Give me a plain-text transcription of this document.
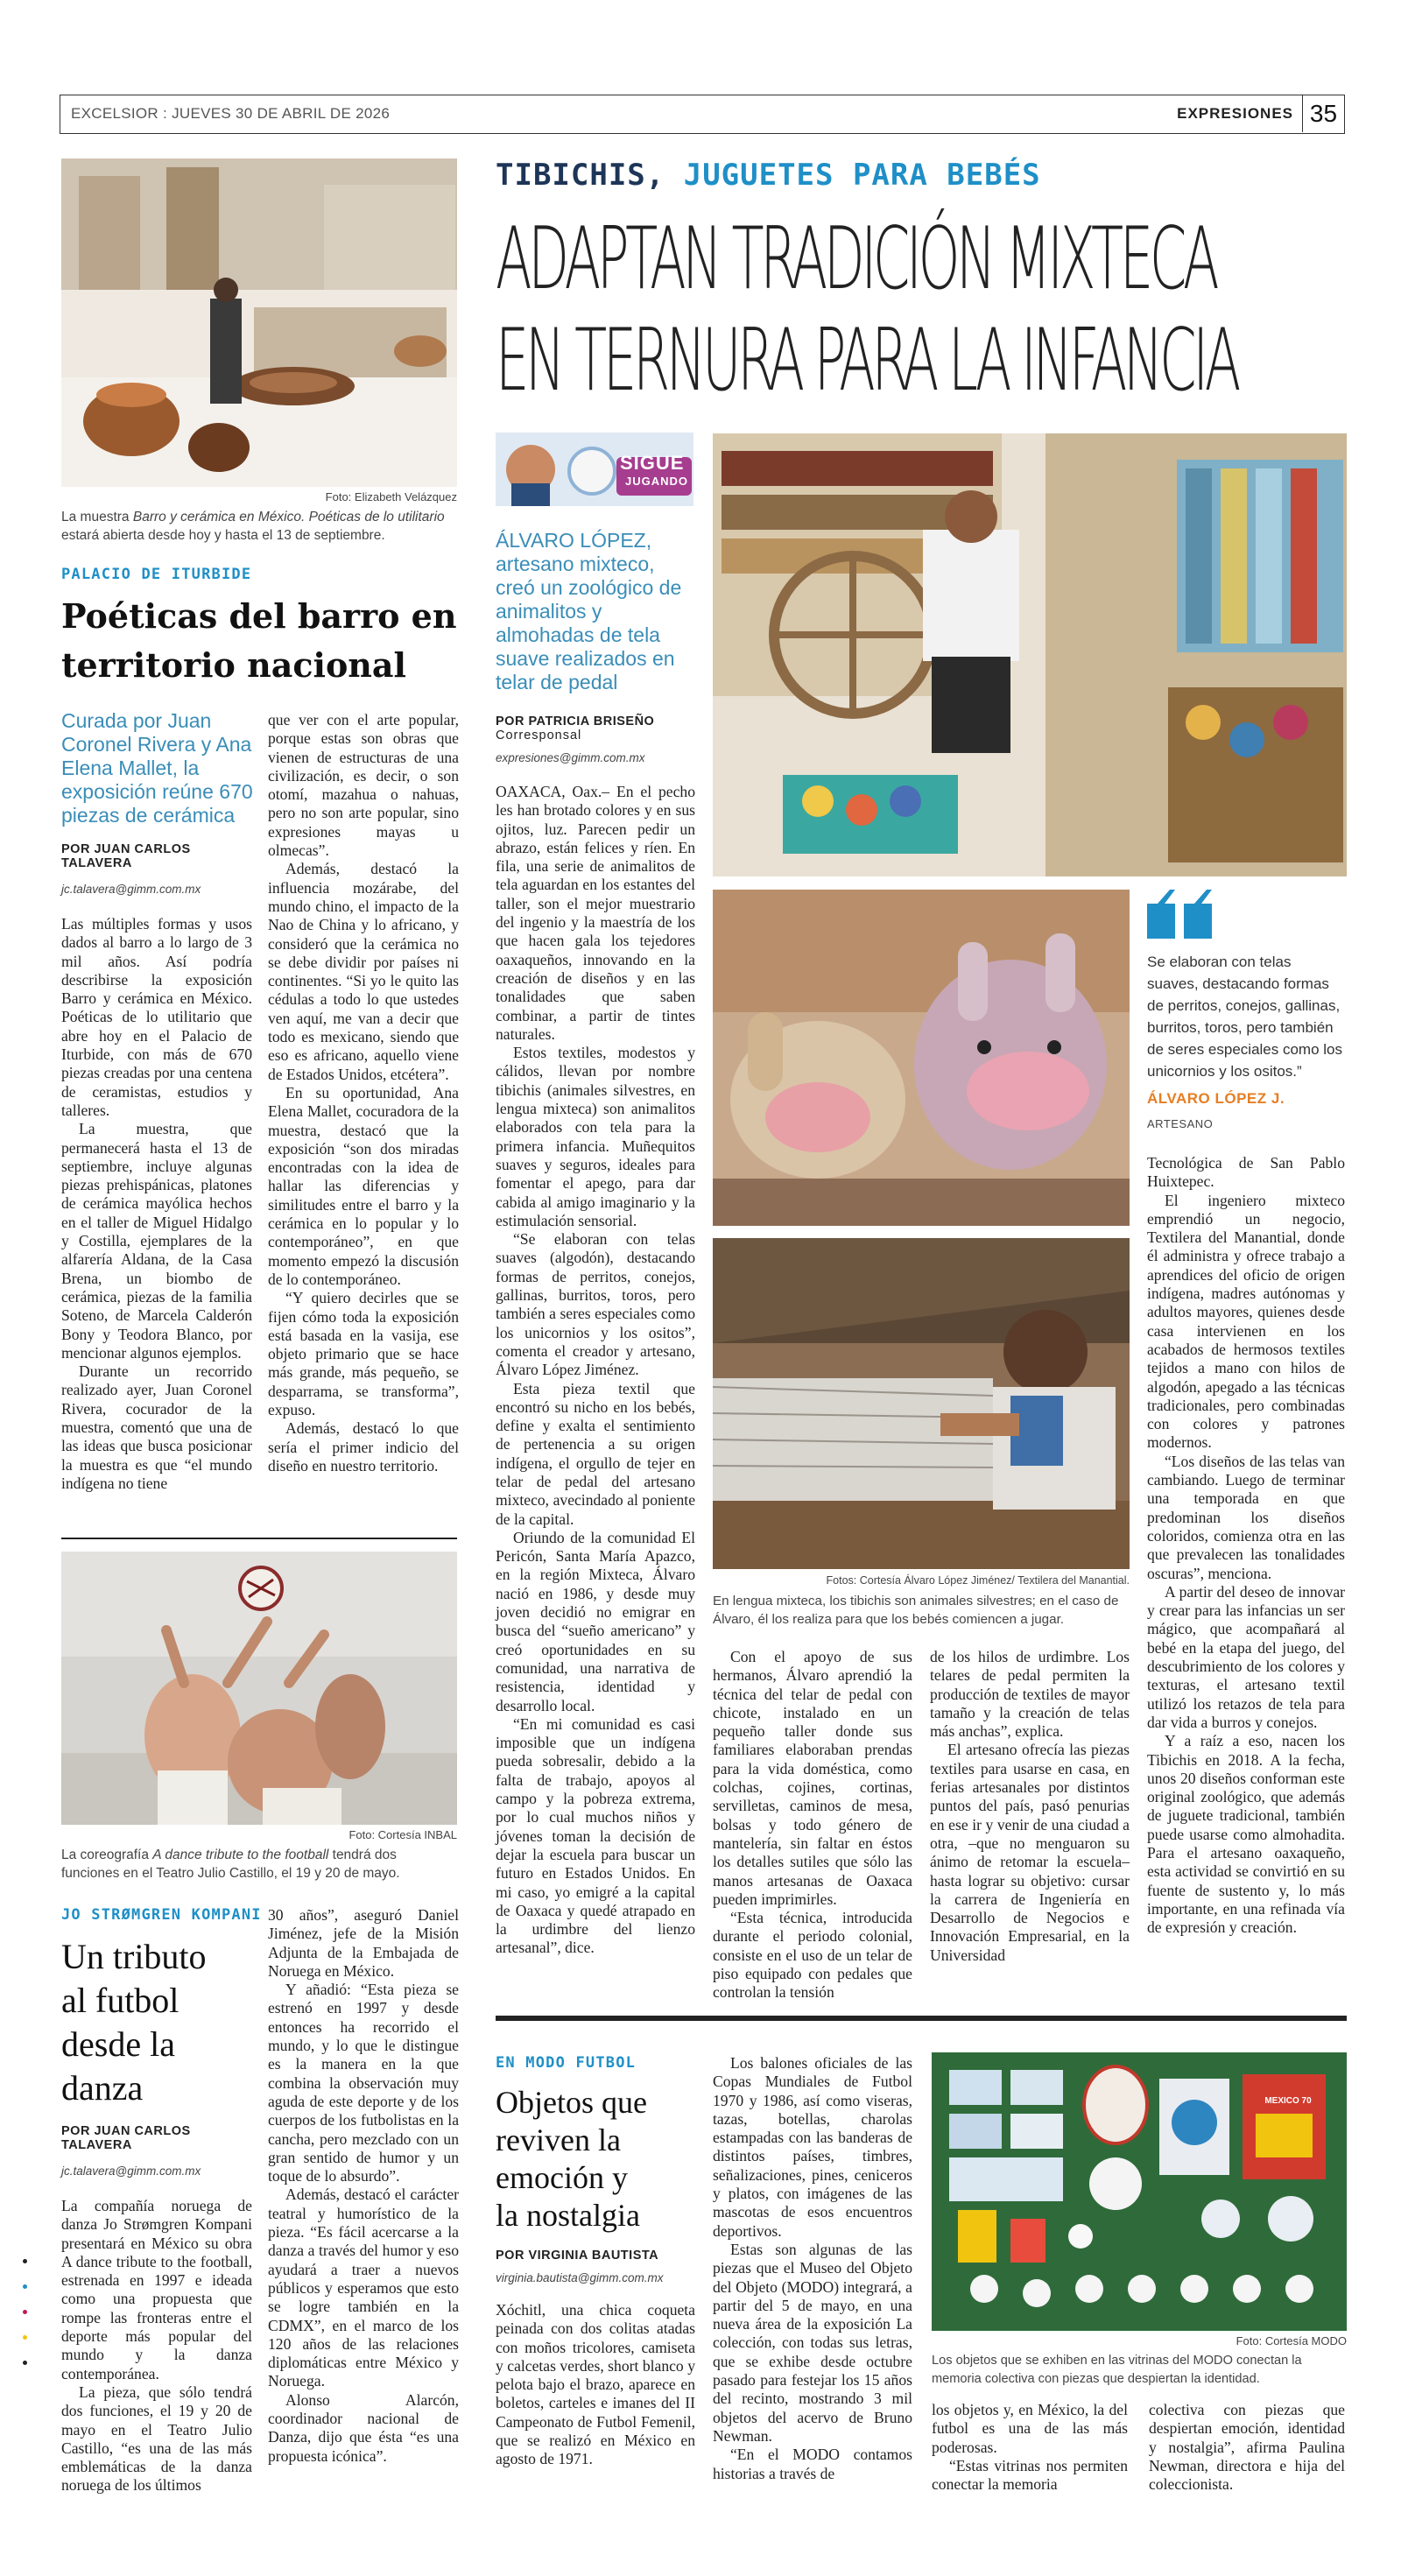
EXCELSIOR : JUEVES 30 DE ABRIL DE 2026	EXPRESIONES 35
Foto: Elizabeth Velázquez
La muestra Barro y cerámica en México. Poéticas de lo utilitario estará abierta desde hoy y hasta el 13 de septiembre.
PALACIO DE ITURBIDE
Poéticas del barro en
territorio nacional
Curada por Juan Coronel Rivera y Ana Elena Mallet, la exposición reúne 670 piezas de cerámica
POR JUAN CARLOS
TALAVERA
jc.talavera@gimm.com.mx

Las múltiples formas y usos dados al barro a lo largo de 3 mil años. Así podría describirse la exposición Barro y cerámica en México. Poéticas de lo utilitario que abre hoy en el Palacio de Iturbide, con más de 670 piezas creadas por una centena de ceramistas, estudios y talleres.

La muestra, que permanecerá hasta el 13 de septiembre, incluye algunas piezas prehispánicas, platones de cerámica mayólica hechos en el taller de Miguel Hidalgo y Costilla, ejemplares de la alfarería Aldana, de la Casa Brena, un biombo de cerámica, piezas de la familia Soteno, de Marcela Calderón Bony y Teodora Blanco, por mencionar algunos ejemplos.

Durante un recorrido realizado ayer, Juan Coronel Rivera, cocurador de la muestra, comentó que una de las ideas que busca posicionar la muestra es que “el mundo indígena no tiene

que ver con el arte popular, porque estas son obras que vienen de estructuras de una civilización, es decir, o son otomí, mazahua o nahuas, pero no son arte popular, sino expresiones mayas u olmecas”.

Además, destacó la influencia mozárabe, del mundo chino, el impacto de la Nao de China y lo africano, y consideró que la cerámica no se debe dividir por países ni continentes. “Si yo le quito las cédulas a todo lo que ustedes ven aquí, me van a decir que todo es mexicano, siendo que eso es africano, aquello viene de Estados Unidos, etcétera”.

En su oportunidad, Ana Elena Mallet, cocuradora de la muestra, destacó que la exposición “son dos miradas encontradas con la idea de hallar las diferencias y similitudes entre el barro y la cerámica en lo popular y lo contemporáneo”, en que momento empezó la discusión de lo contemporáneo.

“Y quiero decirles que se fijen cómo toda la exposición está basada en la vasija, ese objeto primario que se hace más grande, más pequeño, se desparrama, se transforma”, expuso.

Además, destacó lo que sería el primer indicio del diseño en nuestro territorio.

Foto: Cortesía INBAL
La coreografía A dance tribute to the football tendrá dos funciones en el Teatro Julio Castillo, el 19 y 20 de mayo.
JO STRØMGREN KOMPANI
Un tributo
al futbol
desde la
danza
POR JUAN CARLOS
TALAVERA
jc.talavera@gimm.com.mx

La compañía noruega de danza Jo Strømgren Kompani presentará en México su obra A dance tribute to the football, estrenada en 1997 e ideada como una propuesta que rompe las fronteras entre el deporte más popular del mundo y la danza contemporánea.

La pieza, que sólo tendrá dos funciones, el 19 y 20 de mayo en el Teatro Julio Castillo, “es una de las más emblemáticas de la danza noruega de los últimos

30 años”, aseguró Daniel Jiménez, jefe de la Misión Adjunta de la Embajada de Noruega en México.

Y añadió: “Esta pieza se estrenó en 1997 y desde entonces ha recorrido el mundo, y lo que le distingue es la manera en la que combina la observación muy aguda de este deporte y de los cuerpos de los futbolistas en la cancha, pero mezclado con un gran sentido de humor y un toque de lo absurdo”.

Además, destacó el carácter teatral y humorístico de la pieza. “Es fácil acercarse a la danza a través del humor y eso ayudará a traer a nuevos públicos y esperamos que esto se logre también en la CDMX”, en el marco de los 120 años de las relaciones diplomáticas entre México y Noruega.

Alonso Alarcón, coordinador nacional de Danza, dijo que ésta “es una propuesta icónica”.

TIBICHIS, JUGUETES PARA BEBÉS
ADAPTAN TRADICIÓN MIXTECA
EN TERNURA PARA LA INFANCIA
SIGUE
JUGANDO
ÁLVARO LÓPEZ, artesano mixteco, creó un zoológico de animalitos y almohadas de tela suave realizados en telar de pedal
POR PATRICIA BRISEÑO
Corresponsal
expresiones@gimm.com.mx
Fotos: Cortesía Álvaro López Jiménez/ Textilera del Manantial.
En lengua mixteca, los tibichis son animales silvestres; en el caso de Álvaro, él los realiza para que los bebés comiencen a jugar.
Se elaboran con telas suaves, destacando formas de perritos, conejos, gallinas, burritos, toros, pero también de seres especiales como los unicornios y los ositos.”
ÁLVARO LÓPEZ J.
ARTESANO

OAXACA, Oax.– En el pecho les han brotado colores y en sus ojitos, luz. Parecen pedir un abrazo, están felices y ríen. En fila, una serie de animalitos de tela aguardan en los estantes del taller, son el mejor muestrario del ingenio y la maestría de los que hacen gala los tejedores oaxaqueños, innovando en la creación de diseños y en las tonalidades que saben combinar, a partir de tintes naturales.

Estos textiles, modestos y cálidos, llevan por nombre tibichis (animales silvestres, en lengua mixteca) son animalitos elaborados con tela para la primera infancia. Muñequitos suaves y seguros, ideales para fomentar el apego, para dar cabida al amigo imaginario y la estimulación sensorial.

“Se elaboran con telas suaves (algodón), destacando formas de perritos, conejos, gallinas, burritos, toros, pero también a seres especiales como los unicornios y los ositos”, comenta el creador y artesano, Álvaro López Jiménez.

Esta pieza textil que encontró su nicho en los bebés, define y exalta el sentimiento de pertenencia a su origen indígena, el orgullo de tejer en telar de pedal del artesano mixteco, avecindado al poniente de la capital.

Oriundo de la comunidad El Pericón, Santa María Apazco, en la región Mixteca, Álvaro nació en 1986, y desde muy joven decidió no emigrar en busca del “sueño americano” y creó oportunidades en su comunidad, una narrativa de resistencia, identidad y desarrollo local.

“En mi comunidad es casi imposible que un indígena pueda sobresalir, debido a la falta de trabajo, apoyos al campo y la pobreza extrema, por lo cual muchos niños y jóvenes toman la decisión de dejar la escuela para buscar un futuro en Estados Unidos. En mi caso, yo emigré a la capital de Oaxaca y quedé atrapado en la urdimbre del lienzo artesanal”, dice.

Con el apoyo de sus hermanos, Álvaro aprendió la técnica del telar de pedal con chicote, instalado en un pequeño taller donde sus familiares elaboraban prendas para la vida doméstica, como colchas, cojines, cortinas, servilletas, caminos de mesa, bolsas y todo género de mantelería, sin faltar en éstos los detalles sutiles que sólo las manos artesanas de Oaxaca pueden imprimirles.

“Esta técnica, introducida durante el periodo colonial, consiste en el uso de un telar de piso equipado con pedales que controlan la tensión

de los hilos de urdimbre. Los telares de pedal permiten la producción de textiles de mayor tamaño y la creación de telas más anchas”, explica.

El artesano ofrecía las piezas textiles para usarse en casa, en ferias artesanales por distintos puntos del país, pasó penurias en ese ir y venir de una ciudad a otra, –que no menguaron su ánimo de retomar la escuela– hasta lograr su objetivo: cursar la carrera de Ingeniería en Desarrollo de Negocios e Innovación Empresarial, en la Universidad

Tecnológica de San Pablo Huixtepec.

El ingeniero mixteco emprendió un negocio, Textilera del Manantial, donde él administra y ofrece trabajo a aprendices del oficio de origen indígena, madres autónomas y adultos mayores, quienes desde casa intervienen en los acabados de hermosos textiles tejidos a mano con hilos de algodón, apegado a las técnicas tradicionales, pero combinadas con colores y patrones modernos.

“Los diseños de las telas van cambiando. Luego de terminar una temporada en que predominan los diseños coloridos, comienza otra en las que prevalecen las tonalidades oscuras”, menciona.

A partir del deseo de innovar y crear para las infancias un ser mágico, que acompañará al bebé en la etapa del juego, del descubrimiento de los colores y texturas, el artesano textil utilizó los retazos de tela para dar vida a burros y conejos.

Y a raíz a eso, nacen los Tibichis en 2018. A la fecha, unos 20 diseños conforman este original zoológico, que además de juguete tradicional, también puede usarse como almohadita. Para el artesano oaxaqueño, esta actividad se convirtió en su fuente de sustento y, lo más importante, en una refinada vía de expresión y creación.

EN MODO FUTBOL
Objetos que
reviven la
emoción y
la nostalgia
POR VIRGINIA BAUTISTA
virginia.bautista@gimm.com.mx

Xóchitl, una chica coqueta peinada con dos colitas atadas con moños tricolores, camiseta y calcetas verdes, short blanco y pelota bajo el brazo, aparece en boletos, carteles e imanes del II Campeonato de Futbol Femenil, que se realizó en México en agosto de 1971.

Los balones oficiales de las Copas Mundiales de Futbol 1970 y 1986, así como viseras, tazas, botellas, charolas estampadas con las banderas de distintos países, timbres, señalizaciones, pines, ceniceros y platos, con imágenes de las mascotas de esos encuentros deportivos.

Estas son algunas de las piezas que el Museo del Objeto del Objeto (MODO) integrará, a partir del 5 de mayo, en una nueva área de la exposición La colección, con todas sus letras, que se exhibe desde octubre pasado para festejar los 15 años del recinto, mostrando 3 mil objetos del acervo de Bruno Newman.

“En el MODO contamos historias a través de

MEXICO 70
Foto: Cortesía MODO
Los objetos que se exhiben en las vitrinas del MODO conectan la memoria colectiva con piezas que despiertan la identidad.

los objetos y, en México, la del futbol es una de las más poderosas.

“Estas vitrinas nos permiten conectar la memoria

colectiva con piezas que despiertan emoción, identidad y nostalgia”, afirma Paulina Newman, directora e hija del coleccionista.
